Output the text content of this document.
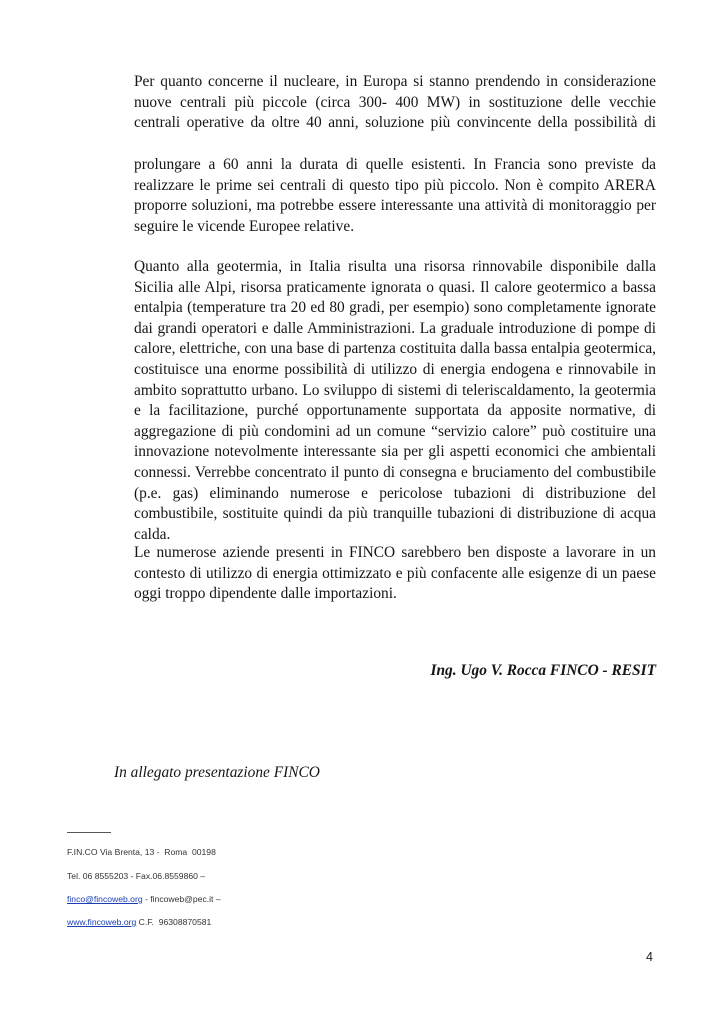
Per quanto concerne il nucleare, in Europa si stanno prendendo in considerazione nuove centrali più piccole (circa 300- 400 MW) in sostituzione delle vecchie centrali operative da oltre 40 anni, soluzione più convincente della possibilità di
prolungare a 60 anni la durata di quelle esistenti. In Francia sono previste da realizzare le prime sei centrali di questo tipo più piccolo. Non è compito ARERA proporre soluzioni, ma potrebbe essere interessante una attività di monitoraggio per seguire le vicende Europee relative.
Quanto alla geotermia, in Italia risulta una risorsa rinnovabile disponibile dalla Sicilia alle Alpi, risorsa praticamente ignorata o quasi. Il calore geotermico a bassa entalpia (temperature tra 20 ed 80 gradi, per esempio) sono completamente ignorate dai grandi operatori e dalle Amministrazioni. La graduale introduzione di pompe di calore, elettriche, con una base di partenza costituita dalla bassa entalpia geotermica, costituisce una enorme possibilità di utilizzo di energia endogena e rinnovabile in ambito soprattutto urbano. Lo sviluppo di sistemi di teleriscaldamento, la geotermia e la facilitazione, purché opportunamente supportata da apposite normative, di aggregazione di più condomini ad un comune “servizio calore” può costituire una innovazione notevolmente interessante sia per gli aspetti economici che ambientali connessi. Verrebbe concentrato il punto di consegna e bruciamento del combustibile (p.e. gas) eliminando numerose e pericolose tubazioni di distribuzione del combustibile, sostituite quindi da più tranquille tubazioni di distribuzione di acqua calda.
Le numerose aziende presenti in FINCO sarebbero ben disposte a lavorare in un contesto di utilizzo di energia ottimizzato e più confacente alle esigenze di un paese oggi troppo dipendente dalle importazioni.
Ing. Ugo V. Rocca FINCO - RESIT
In allegato presentazione FINCO
F.IN.CO Via Brenta, 13 -  Roma  00198
Tel. 06 8555203 - Fax.06.8559860 –
finco@fincoweb.org - fincoweb@pec.it –
www.fincoweb.org C.F.  96308870581
4
